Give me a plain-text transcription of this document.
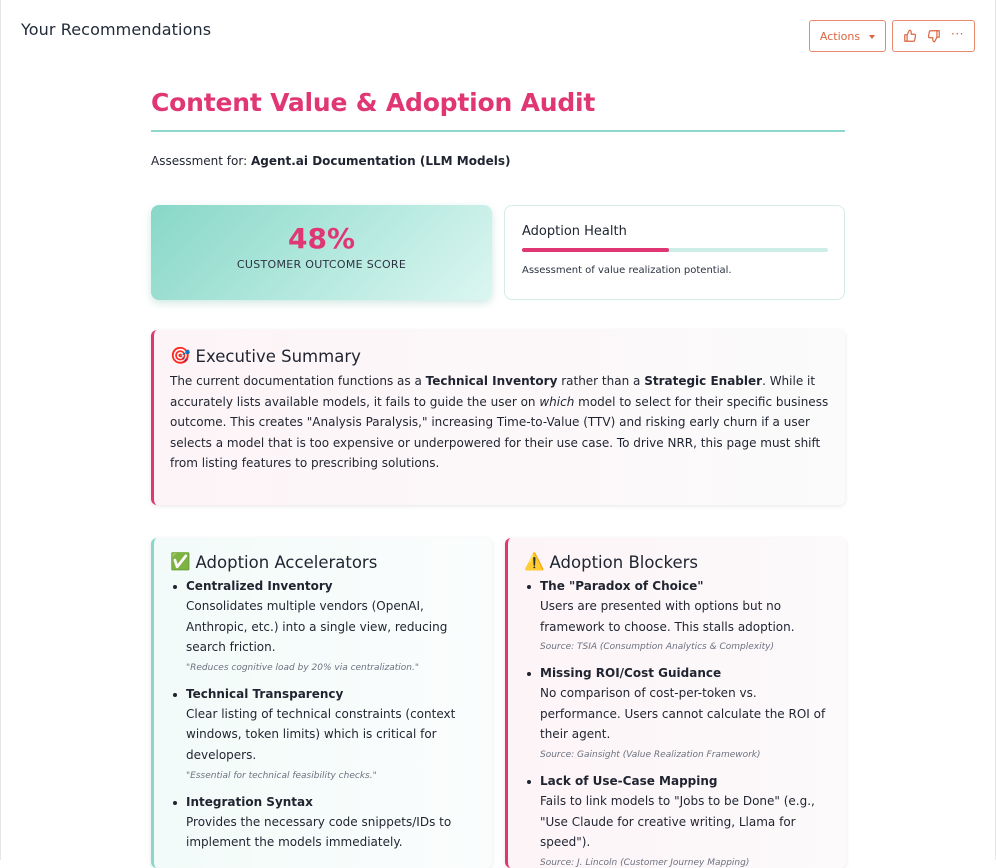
Your Recommendations	Actions	···
Content Value & Adoption Audit
Assessment for: Agent.ai Documentation (LLM Models)
48%
CUSTOMER OUTCOME SCORE
Adoption Health
Assessment of value realization potential.
🎯 Executive Summary

The current documentation functions as a Technical Inventory rather than a Strategic Enabler. While it accurately lists available models, it fails to guide the user on which model to select for their specific business outcome. This creates "Analysis Paralysis," increasing Time-to-Value (TTV) and risking early churn if a user selects a model that is too expensive or underpowered for their use case. To drive NRR, this page must shift from listing features to prescribing solutions.

✅ Adoption Accelerators
Centralized Inventory
Consolidates multiple vendors (OpenAI, Anthropic, etc.) into a single view, reducing search friction.
"Reduces cognitive load by 20% via centralization."
Technical Transparency
Clear listing of technical constraints (context windows, token limits) which is critical for developers.
"Essential for technical feasibility checks."
Integration Syntax
Provides the necessary code snippets/IDs to implement the models immediately.
⚠️ Adoption Blockers
The "Paradox of Choice"
Users are presented with options but no framework to choose. This stalls adoption.
Source: TSIA (Consumption Analytics & Complexity)
Missing ROI/Cost Guidance
No comparison of cost-per-token vs. performance. Users cannot calculate the ROI of their agent.
Source: Gainsight (Value Realization Framework)
Lack of Use-Case Mapping
Fails to link models to "Jobs to be Done" (e.g., "Use Claude for creative writing, Llama for speed").
Source: J. Lincoln (Customer Journey Mapping)
